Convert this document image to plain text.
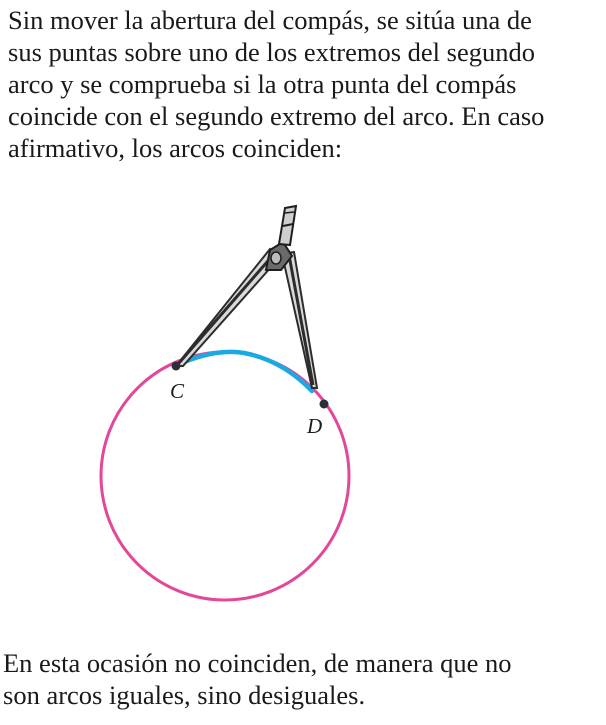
Sin mover la abertura del compás, se sitúa una de
sus puntas sobre uno de los extremos del segundo
arco y se comprueba si la otra punta del compás
coincide con el segundo extremo del arco. En caso
afirmativo, los arcos coinciden:

C
D

En esta ocasión no coinciden, de manera que no
son arcos iguales, sino desiguales.
